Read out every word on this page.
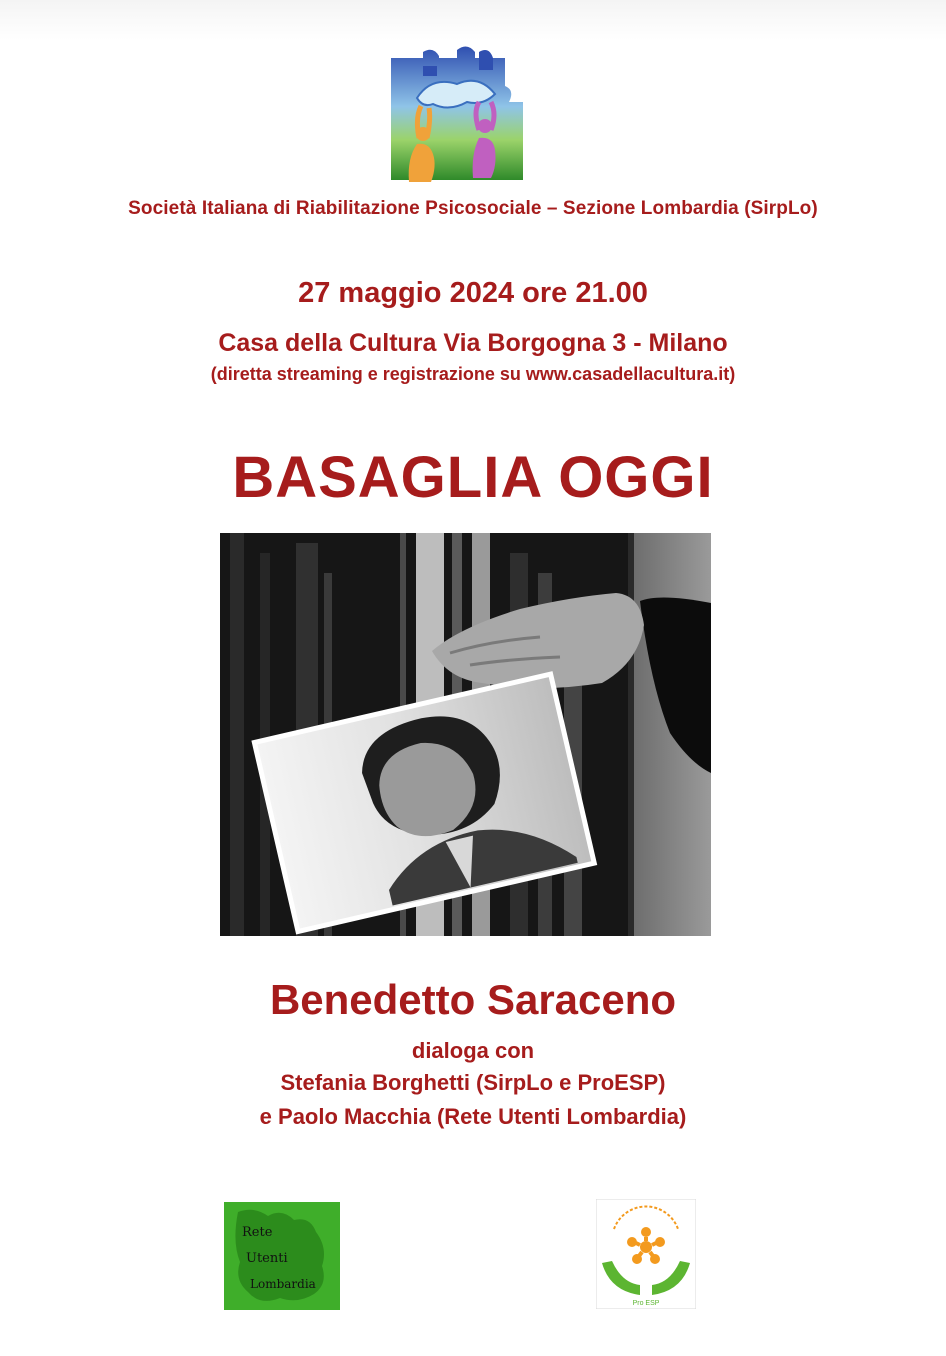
Società Italiana di Riabilitazione Psicosociale – Sezione Lombardia (SirpLo)
27 maggio 2024 ore 21.00
Casa della Cultura Via Borgogna 3 - Milano
(diretta streaming e registrazione su www.casadellacultura.it)
BASAGLIA OGGI
Benedetto Saraceno
dialoga con
Stefania Borghetti (SirpLo e ProESP)
e Paolo Macchia (Rete Utenti Lombardia)
Rete
Utenti
Lombardia
Pro ESP
